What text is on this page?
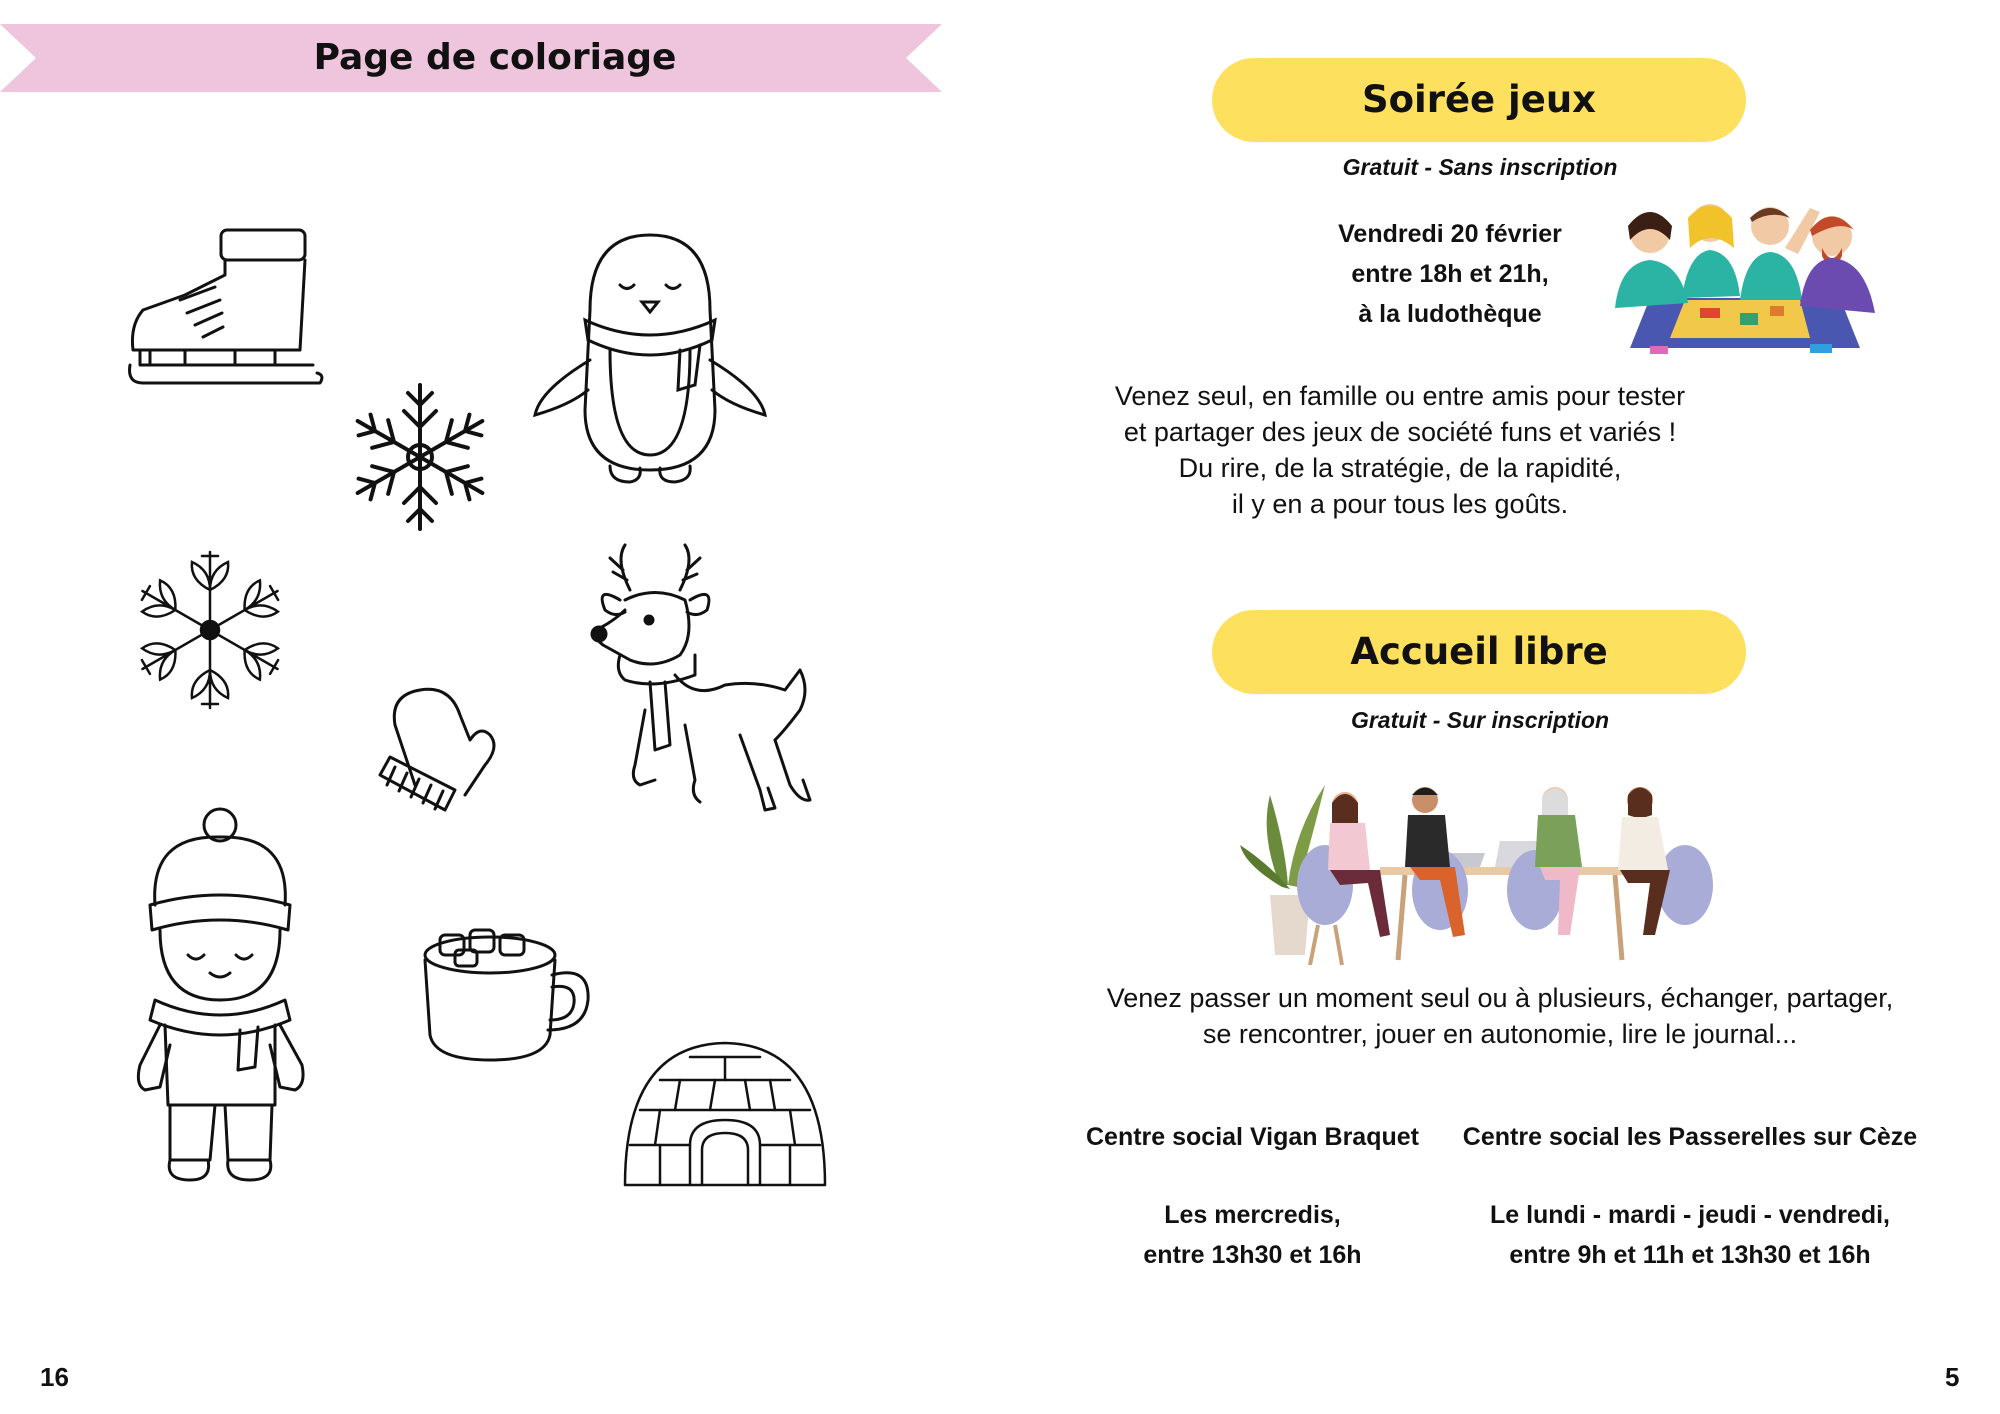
Page de coloriage
16
Soirée jeux
Gratuit - Sans inscription
Vendredi 20 février
entre 18h et 21h,
à la ludothèque
Venez seul, en famille ou entre amis pour tester
et partager des jeux de société funs et variés !
Du rire, de la stratégie, de la rapidité,
il y en a pour tous les goûts.
Accueil libre
Gratuit - Sur inscription
Venez passer un moment seul ou à plusieurs, échanger, partager,
se rencontrer, jouer en autonomie, lire le journal...
Centre social Vigan Braquet
Les mercredis,
entre 13h30 et 16h
Centre social les Passerelles sur Cèze
Le lundi - mardi - jeudi - vendredi,
entre 9h et 11h et 13h30 et 16h
5
